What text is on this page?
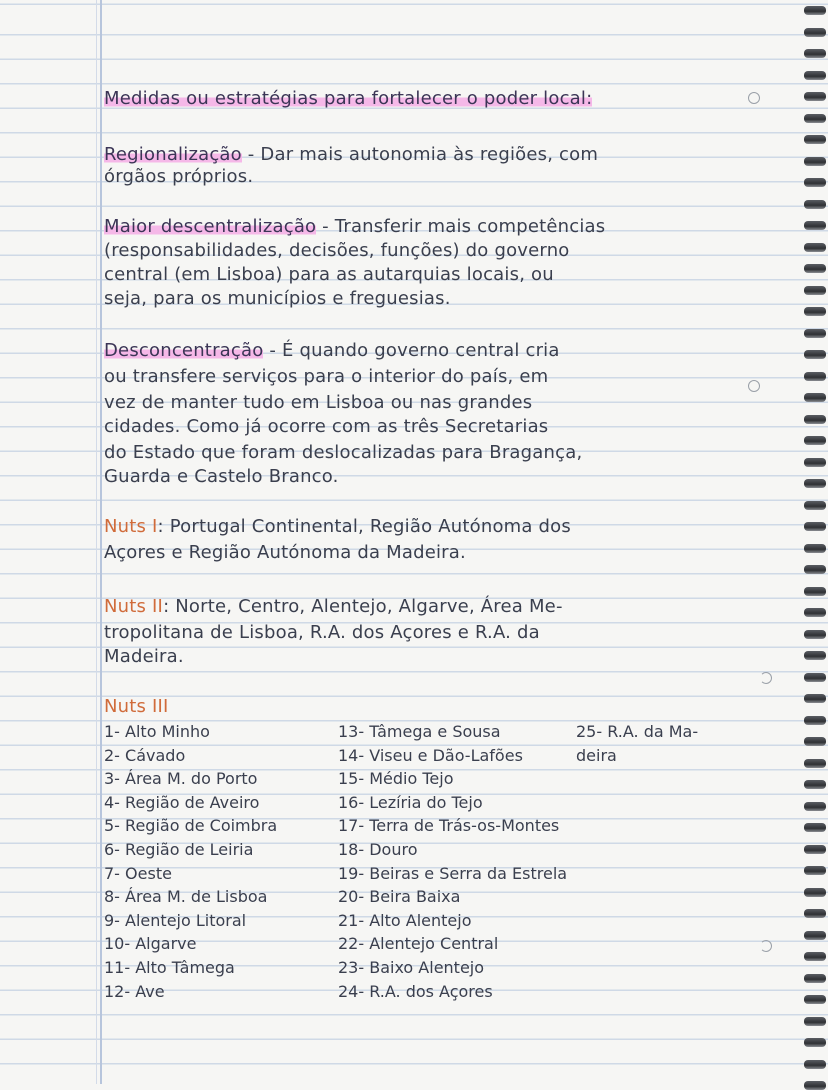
Medidas ou estratégias para fortalecer o poder local:
Regionalização - Dar mais autonomia às regiões, com
órgãos próprios.
Maior descentralização - Transferir mais competências
(responsabilidades, decisões, funções) do governo
central (em Lisboa) para as autarquias locais, ou
seja, para os municípios e freguesias.
Desconcentração - É quando governo central cria
ou transfere serviços para o interior do país, em
vez de manter tudo em Lisboa ou nas grandes
cidades. Como já ocorre com as três Secretarias
do Estado que foram deslocalizadas para Bragança,
Guarda e Castelo Branco.
Nuts I: Portugal Continental, Região Autónoma dos
Açores e Região Autónoma da Madeira.
Nuts II: Norte, Centro, Alentejo, Algarve, Área Me-
tropolitana de Lisboa, R.A. dos Açores e R.A. da
Madeira.
Nuts III
1- Alto Minho
2- Cávado
3- Área M. do Porto
4- Região de Aveiro
5- Região de Coimbra
6- Região de Leiria
7- Oeste
8- Área M. de Lisboa
9- Alentejo Litoral
10- Algarve
11- Alto Tâmega
12- Ave
13- Tâmega e Sousa
14- Viseu e Dão-Lafões
15- Médio Tejo
16- Lezíria do Tejo
17- Terra de Trás-os-Montes
18- Douro
19- Beiras e Serra da Estrela
20- Beira Baixa
21- Alto Alentejo
22- Alentejo Central
23- Baixo Alentejo
24- R.A. dos Açores
25- R.A. da Ma-
deira
